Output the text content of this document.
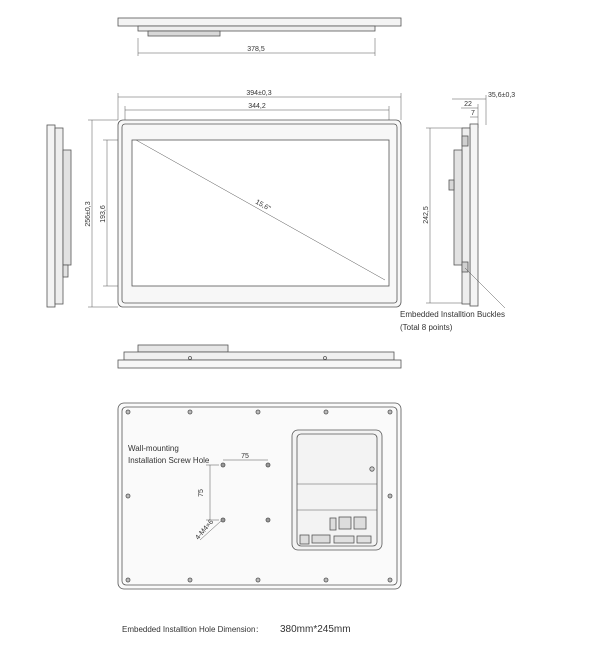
378,5
394±0,3
344,2
256±0,3 193,6	15,6"
35,6±0,3
22
7
242,5
Embedded Installtion Buckles
(Total 8 points)
Wall-mounting
Installation Screw Hole	75
75
4-M4×6
Embedded Installtion Hole Dimension： 380mm*245mm
